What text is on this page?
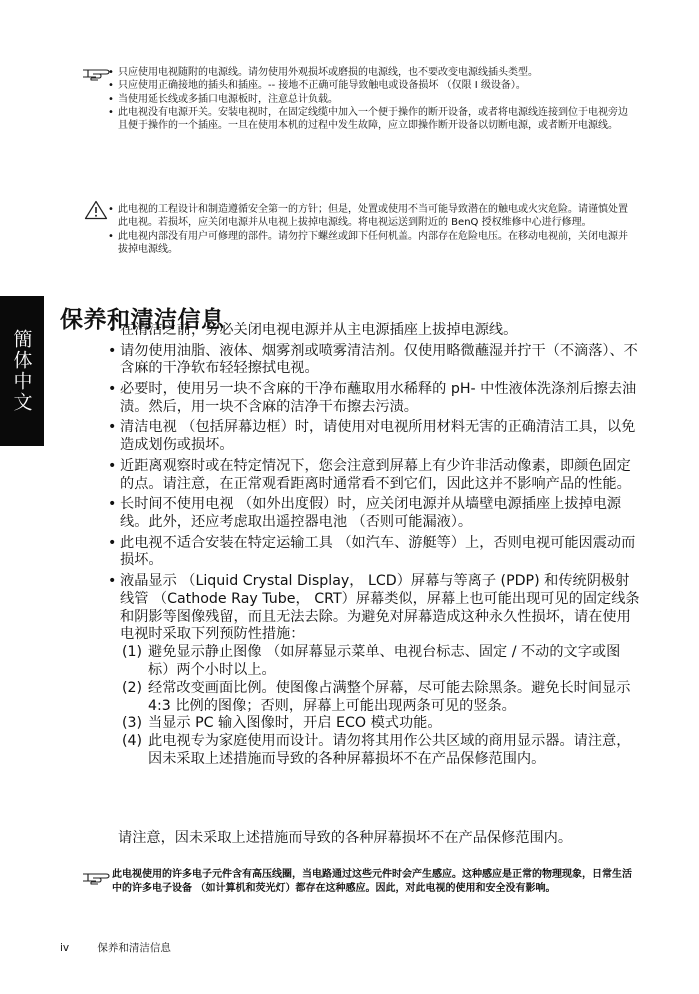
簡体中文
• 只应使用电视随附的电源线。请勿使用外观损坏或磨损的电源线，也不要改变电源线插头类型。
• 只应使用正确接地的插头和插座。-- 接地不正确可能导致触电或设备损坏 （仅限 I 级设备）。
• 当使用延长线或多插口电源板时，注意总计负载。
• 此电视没有电源开关。安装电视时，在固定线缆中加入一个便于操作的断开设备，或者将电源线连接到位于电视旁边且便于操作的一个插座。一旦在使用本机的过程中发生故障，应立即操作断开设备以切断电源，或者断开电源线。
• 此电视的工程设计和制造遵循安全第一的方针；但是，处置或使用不当可能导致潜在的触电或火灾危险。请谨慎处置此电视。若损坏，应关闭电源并从电视上拔掉电源线。将电视运送到附近的 BenQ 授权维修中心进行修理。
• 此电视内部没有用户可修理的部件。请勿拧下螺丝或卸下任何机盖。内部存在危险电压。在移动电视前，关闭电源并拔掉电源线。
保养和清洁信息
• 在清洁之前，务必关闭电视电源并从主电源插座上拔掉电源线。
• 请勿使用油脂、液体、烟雾剂或喷雾清洁剂。仅使用略微蘸湿并拧干（不滴落）、不含麻的干净软布轻轻擦拭电视。
• 必要时，使用另一块不含麻的干净布蘸取用水稀释的 pH- 中性液体洗涤剂后擦去油渍。然后，用一块不含麻的洁净干布擦去污渍。
• 清洁电视 （包括屏幕边框）时，请使用对电视所用材料无害的正确清洁工具，以免造成划伤或损坏。
• 近距离观察时或在特定情况下，您会注意到屏幕上有少许非活动像素，即颜色固定的点。请注意，在正常观看距离时通常看不到它们，因此这并不影响产品的性能。
• 长时间不使用电视 （如外出度假）时，应关闭电源并从墙壁电源插座上拔掉电源线。此外，还应考虑取出遥控器电池 （否则可能漏液）。
• 此电视不适合安装在特定运输工具 （如汽车、游艇等）上，否则电视可能因震动而损坏。

• 液晶显示 （Liquid Crystal Display， LCD）屏幕与等离子 (PDP) 和传统阴极射线管 （Cathode Ray Tube， CRT）屏幕类似，屏幕上也可能出现可见的固定线条和阴影等图像残留，而且无法去除。为避免对屏幕造成这种永久性损坏，请在使用电视时采取下列预防性措施：

(1) 避免显示静止图像 （如屏幕显示菜单、电视台标志、固定 / 不动的文字或图标）两个小时以上。
(2) 经常改变画面比例。使图像占满整个屏幕，尽可能去除黑条。避免长时间显示 4:3 比例的图像；否则，屏幕上可能出现两条可见的竖条。
(3) 当显示 PC 输入图像时，开启 ECO 模式功能。
(4) 此电视专为家庭使用而设计。请勿将其用作公共区域的商用显示器。请注意，因未采取上述措施而导致的各种屏幕损坏不在产品保修范围内。

请注意，因未采取上述措施而导致的各种屏幕损坏不在产品保修范围内。

此电视使用的许多电子元件含有高压线圈，当电路通过这些元件时会产生感应。这种感应是正常的物理现象，日常生活中的许多电子设备 （如计算机和荧光灯）都存在这种感应。因此，对此电视的使用和安全没有影响。

iv	保养和清洁信息
